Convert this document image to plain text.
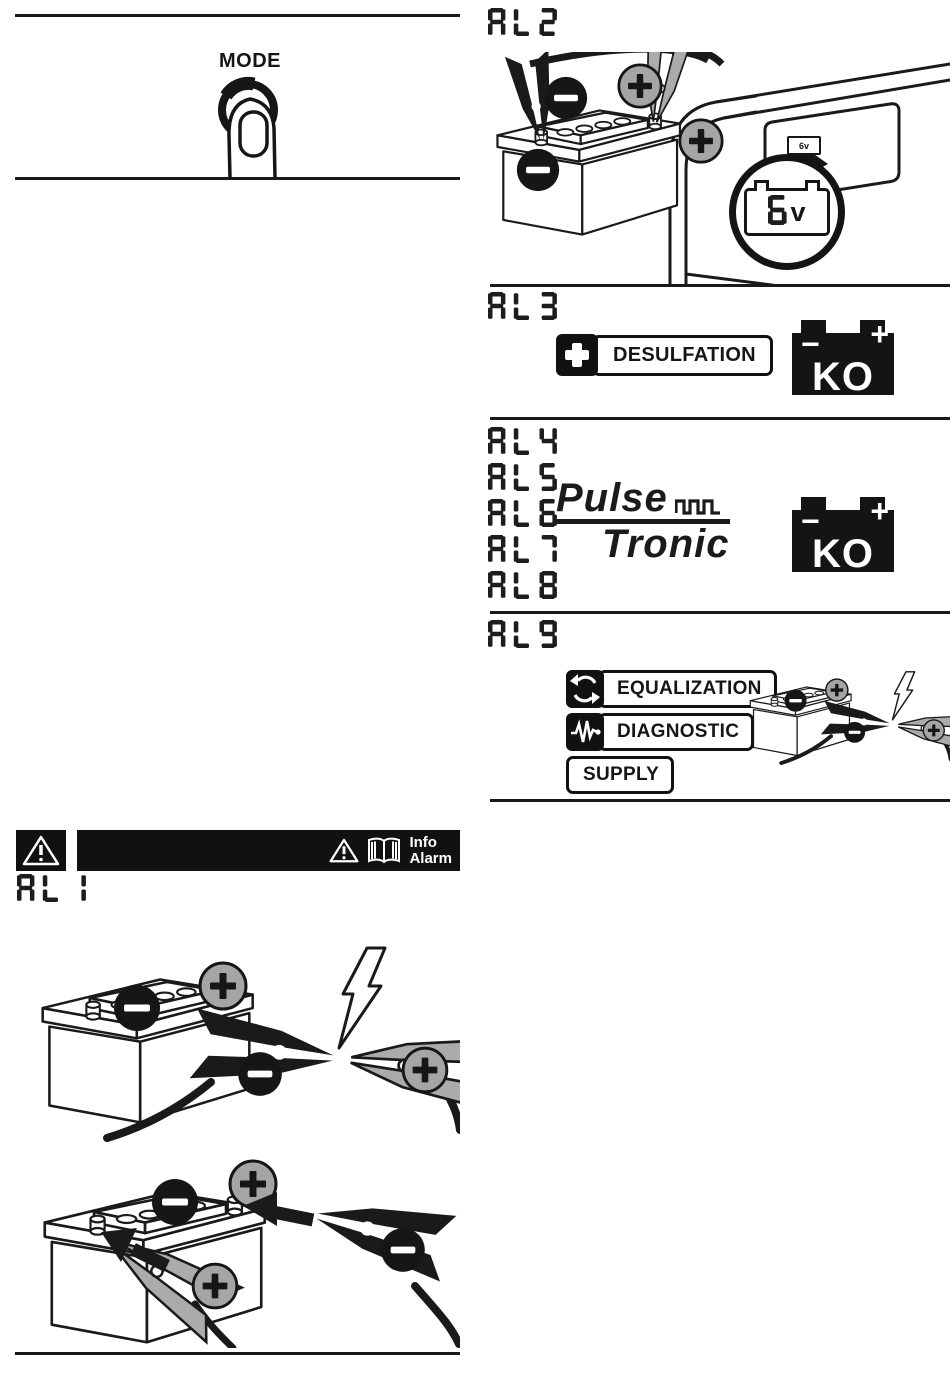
MODE
Info
Alarm
6v
v
DESULFATION	− +
KO
Pulse
Tronic
− +
KO
EQUALIZATION
DIAGNOSTIC
SUPPLY
